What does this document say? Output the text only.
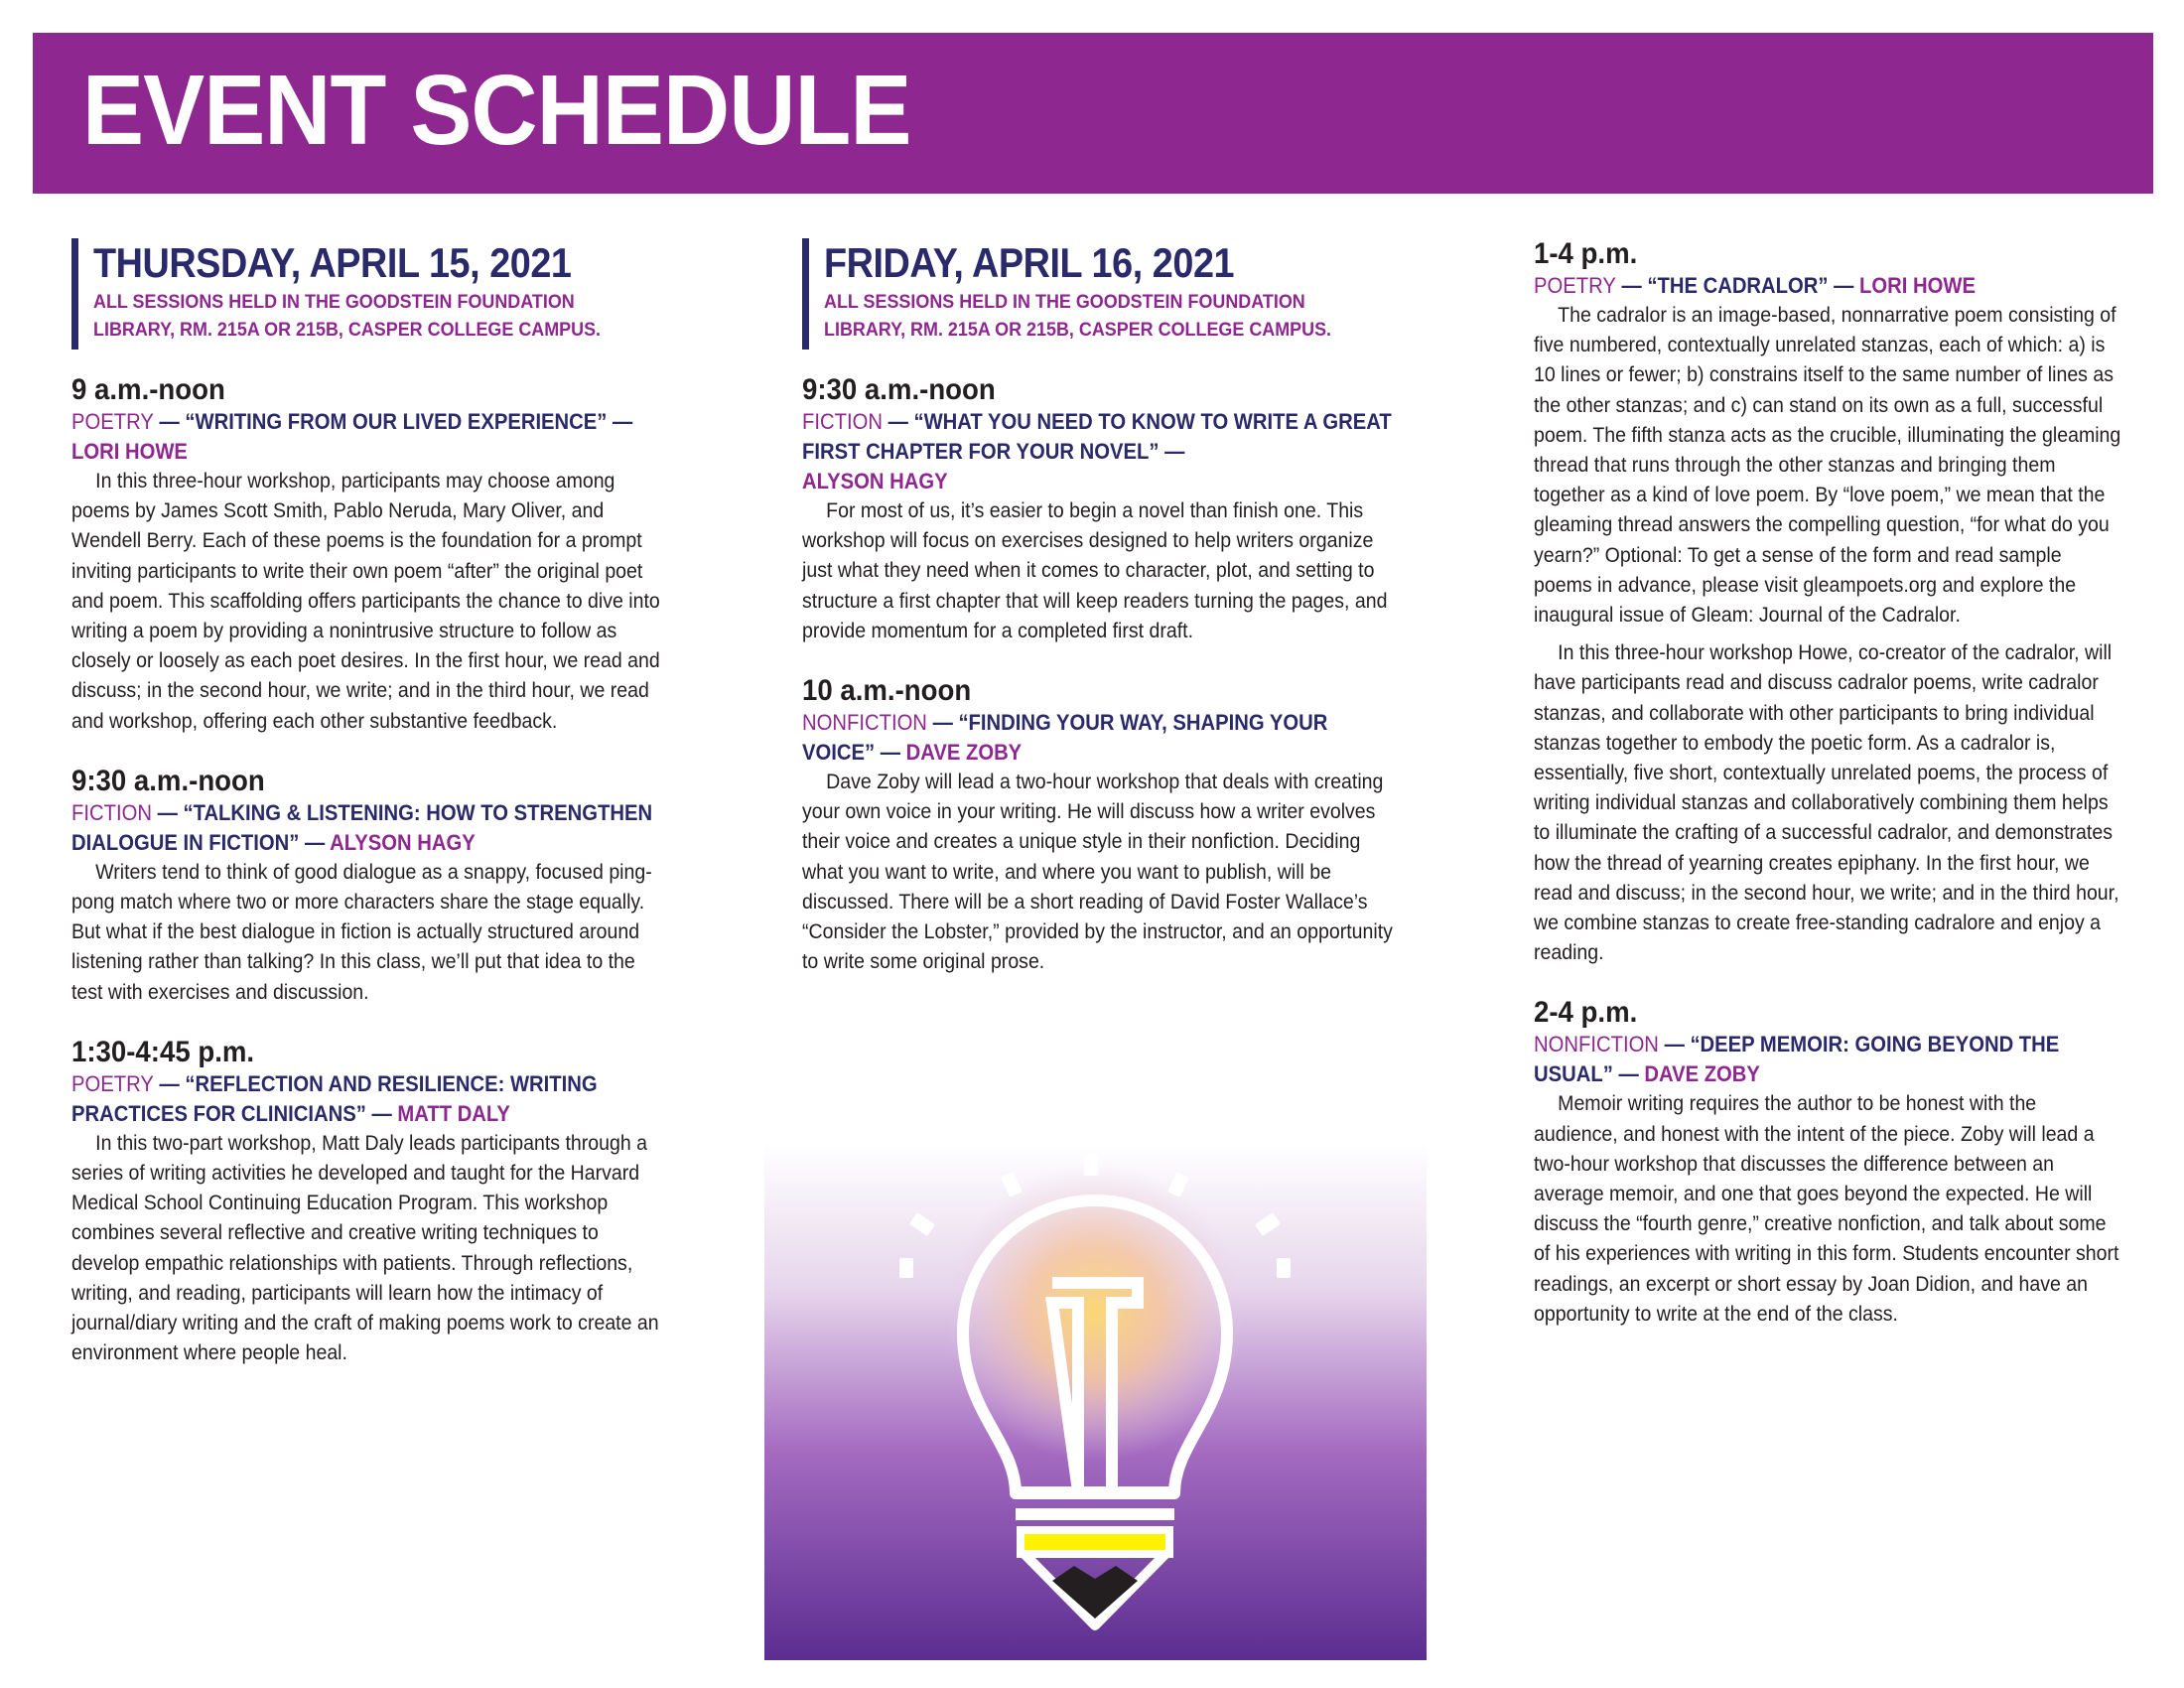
EVENT SCHEDULE
THURSDAY, APRIL 15, 2021
ALL SESSIONS HELD IN THE GOODSTEIN FOUNDATION
LIBRARY, RM. 215A OR 215B, CASPER COLLEGE CAMPUS.
9 a.m.-noon
POETRY — “WRITING FROM OUR LIVED EXPERIENCE” —
LORI HOWE

In this three-hour workshop, participants may choose among poems by James Scott Smith, Pablo Neruda, Mary Oliver, and Wendell Berry. Each of these poems is the foundation for a prompt inviting participants to write their own poem “after” the original poet and poem. This scaffolding offers participants the chance to dive into writing a poem by providing a nonintrusive structure to follow as closely or loosely as each poet desires. In the first hour, we read and discuss; in the second hour, we write; and in the third hour, we read and workshop, offering each other substantive feedback.

9:30 a.m.-noon
FICTION — “TALKING & LISTENING: HOW TO STRENGTHEN DIALOGUE IN FICTION” — ALYSON HAGY

Writers tend to think of good dialogue as a snappy, focused ping-pong match where two or more characters share the stage equally. But what if the best dialogue in fiction is actually structured around listening rather than talking? In this class, we’ll put that idea to the test with exercises and discussion.

1:30-4:45 p.m.
POETRY — “REFLECTION AND RESILIENCE: WRITING PRACTICES FOR CLINICIANS” — MATT DALY

In this two-part workshop, Matt Daly leads participants through a series of writing activities he developed and taught for the Harvard Medical School Continuing Education Program. This workshop combines several reflective and creative writing techniques to develop empathic relationships with patients. Through reflections, writing, and reading, participants will learn how the intimacy of journal/diary writing and the craft of making poems work to create an environment where people heal.

FRIDAY, APRIL 16, 2021
ALL SESSIONS HELD IN THE GOODSTEIN FOUNDATION
LIBRARY, RM. 215A OR 215B, CASPER COLLEGE CAMPUS.
9:30 a.m.-noon
FICTION — “WHAT YOU NEED TO KNOW TO WRITE A GREAT FIRST CHAPTER FOR YOUR NOVEL” —
ALYSON HAGY

For most of us, it’s easier to begin a novel than finish one. This workshop will focus on exercises designed to help writers organize just what they need when it comes to character, plot, and setting to structure a first chapter that will keep readers turning the pages, and provide momentum for a completed first draft.

10 a.m.-noon
NONFICTION — “FINDING YOUR WAY, SHAPING YOUR VOICE” — DAVE ZOBY

Dave Zoby will lead a two-hour workshop that deals with creating your own voice in your writing. He will discuss how a writer evolves their voice and creates a unique style in their nonfiction. Deciding what you want to write, and where you want to publish, will be discussed. There will be a short reading of David Foster Wallace’s “Consider the Lobster,” provided by the instructor, and an opportunity to write some original prose.

1-4 p.m.
POETRY — “THE CADRALOR” — LORI HOWE

The cadralor is an image-based, nonnarrative poem consisting of five numbered, contextually unrelated stanzas, each of which: a) is 10 lines or fewer; b) constrains itself to the same number of lines as the other stanzas; and c) can stand on its own as a full, successful poem. The fifth stanza acts as the crucible, illuminating the gleaming thread that runs through the other stanzas and bringing them together as a kind of love poem. By “love poem,” we mean that the gleaming thread answers the compelling question, “for what do you yearn?” Optional: To get a sense of the form and read sample poems in advance, please visit gleampoets.org and explore the inaugural issue of Gleam: Journal of the Cadralor.

In this three-hour workshop Howe, co-creator of the cadralor, will have participants read and discuss cadralor poems, write cadralor stanzas, and collaborate with other participants to bring individual stanzas together to embody the poetic form. As a cadralor is, essentially, five short, contextually unrelated poems, the process of writing individual stanzas and collaboratively combining them helps to illuminate the crafting of a successful cadralor, and demonstrates how the thread of yearning creates epiphany. In the first hour, we read and discuss; in the second hour, we write; and in the third hour, we combine stanzas to create free-standing cadralore and enjoy a reading.

2-4 p.m.
NONFICTION — “DEEP MEMOIR: GOING BEYOND THE USUAL” — DAVE ZOBY

Memoir writing requires the author to be honest with the audience, and honest with the intent of the piece. Zoby will lead a two-hour workshop that discusses the difference between an average memoir, and one that goes beyond the expected. He will discuss the “fourth genre,” creative nonfiction, and talk about some of his experiences with writing in this form. Students encounter short readings, an excerpt or short essay by Joan Didion, and have an opportunity to write at the end of the class.
